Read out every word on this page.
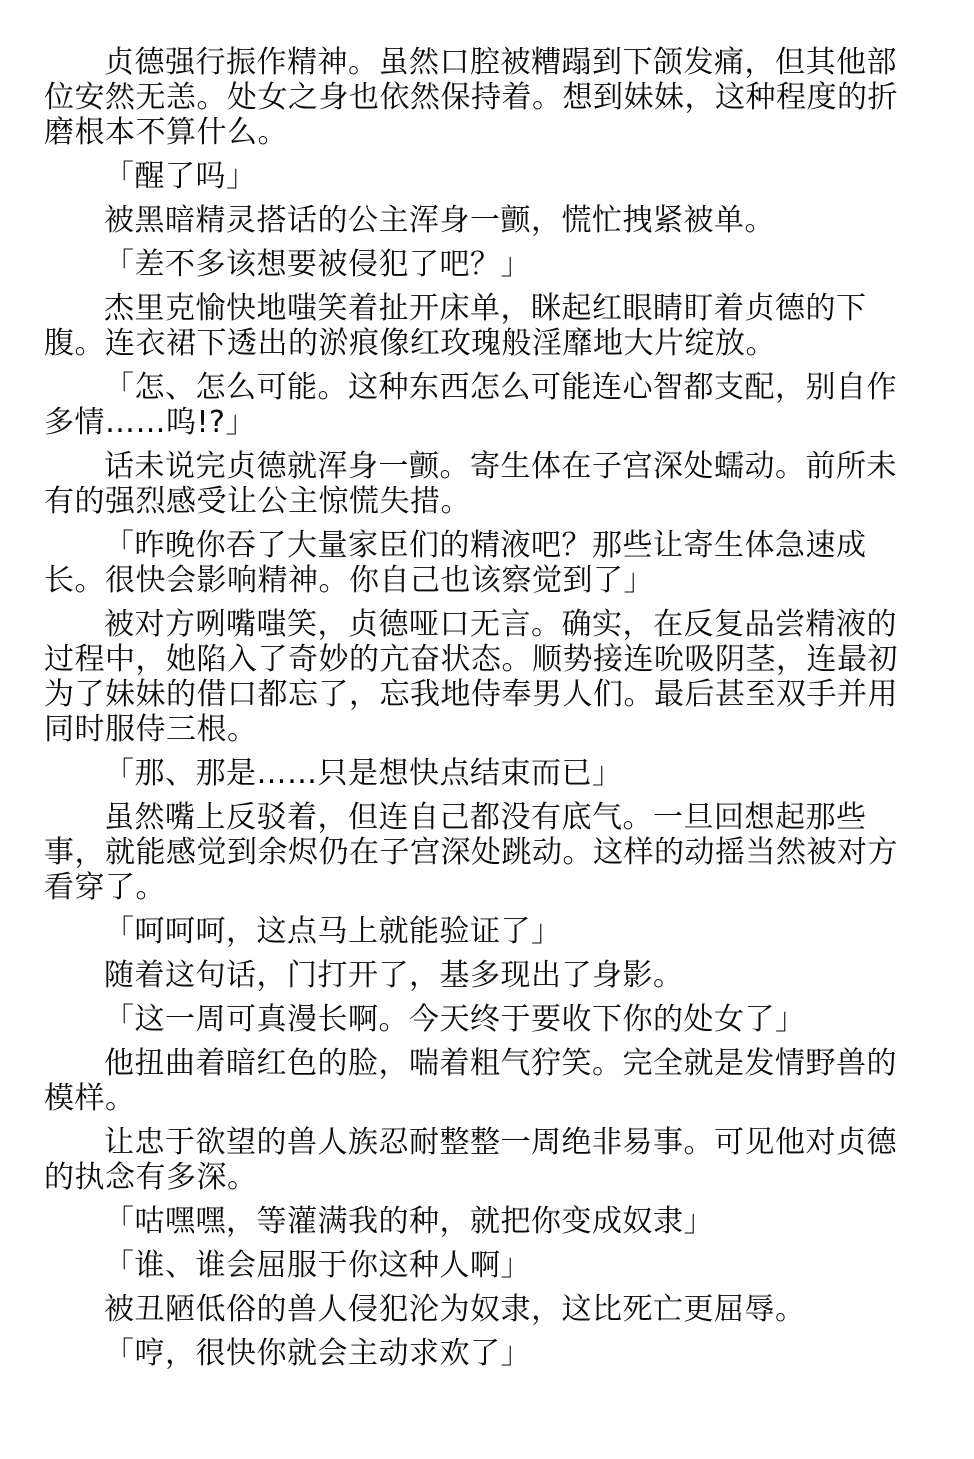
贞德强行振作精神。虽然口腔被糟蹋到下颌发痛，但其他部位安然无恙。处女之身也依然保持着。想到妹妹，这种程度的折磨根本不算什么。

「醒了吗」

被黑暗精灵搭话的公主浑身一颤，慌忙拽紧被单。

「差不多该想要被侵犯了吧？」

杰里克愉快地嗤笑着扯开床单，眯起红眼睛盯着贞德的下腹。连衣裙下透出的淤痕像红玫瑰般淫靡地大片绽放。

「怎、怎么可能。这种东西怎么可能连心智都支配，别自作多情……呜!?」

话未说完贞德就浑身一颤。寄生体在子宫深处蠕动。前所未有的强烈感受让公主惊慌失措。

「昨晚你吞了大量家臣们的精液吧？那些让寄生体急速成长。很快会影响精神。你自己也该察觉到了」

被对方咧嘴嗤笑，贞德哑口无言。确实，在反复品尝精液的过程中，她陷入了奇妙的亢奋状态。顺势接连吮吸阴茎，连最初为了妹妹的借口都忘了，忘我地侍奉男人们。最后甚至双手并用同时服侍三根。

「那、那是……只是想快点结束而已」

虽然嘴上反驳着，但连自己都没有底气。一旦回想起那些事，就能感觉到余烬仍在子宫深处跳动。这样的动摇当然被对方看穿了。

「呵呵呵，这点马上就能验证了」

随着这句话，门打开了，基多现出了身影。

「这一周可真漫长啊。今天终于要收下你的处女了」

他扭曲着暗红色的脸，喘着粗气狞笑。完全就是发情野兽的模样。

让忠于欲望的兽人族忍耐整整一周绝非易事。可见他对贞德的执念有多深。

「咕嘿嘿，等灌满我的种，就把你变成奴隶」

「谁、谁会屈服于你这种人啊」

被丑陋低俗的兽人侵犯沦为奴隶，这比死亡更屈辱。

「哼，很快你就会主动求欢了」
